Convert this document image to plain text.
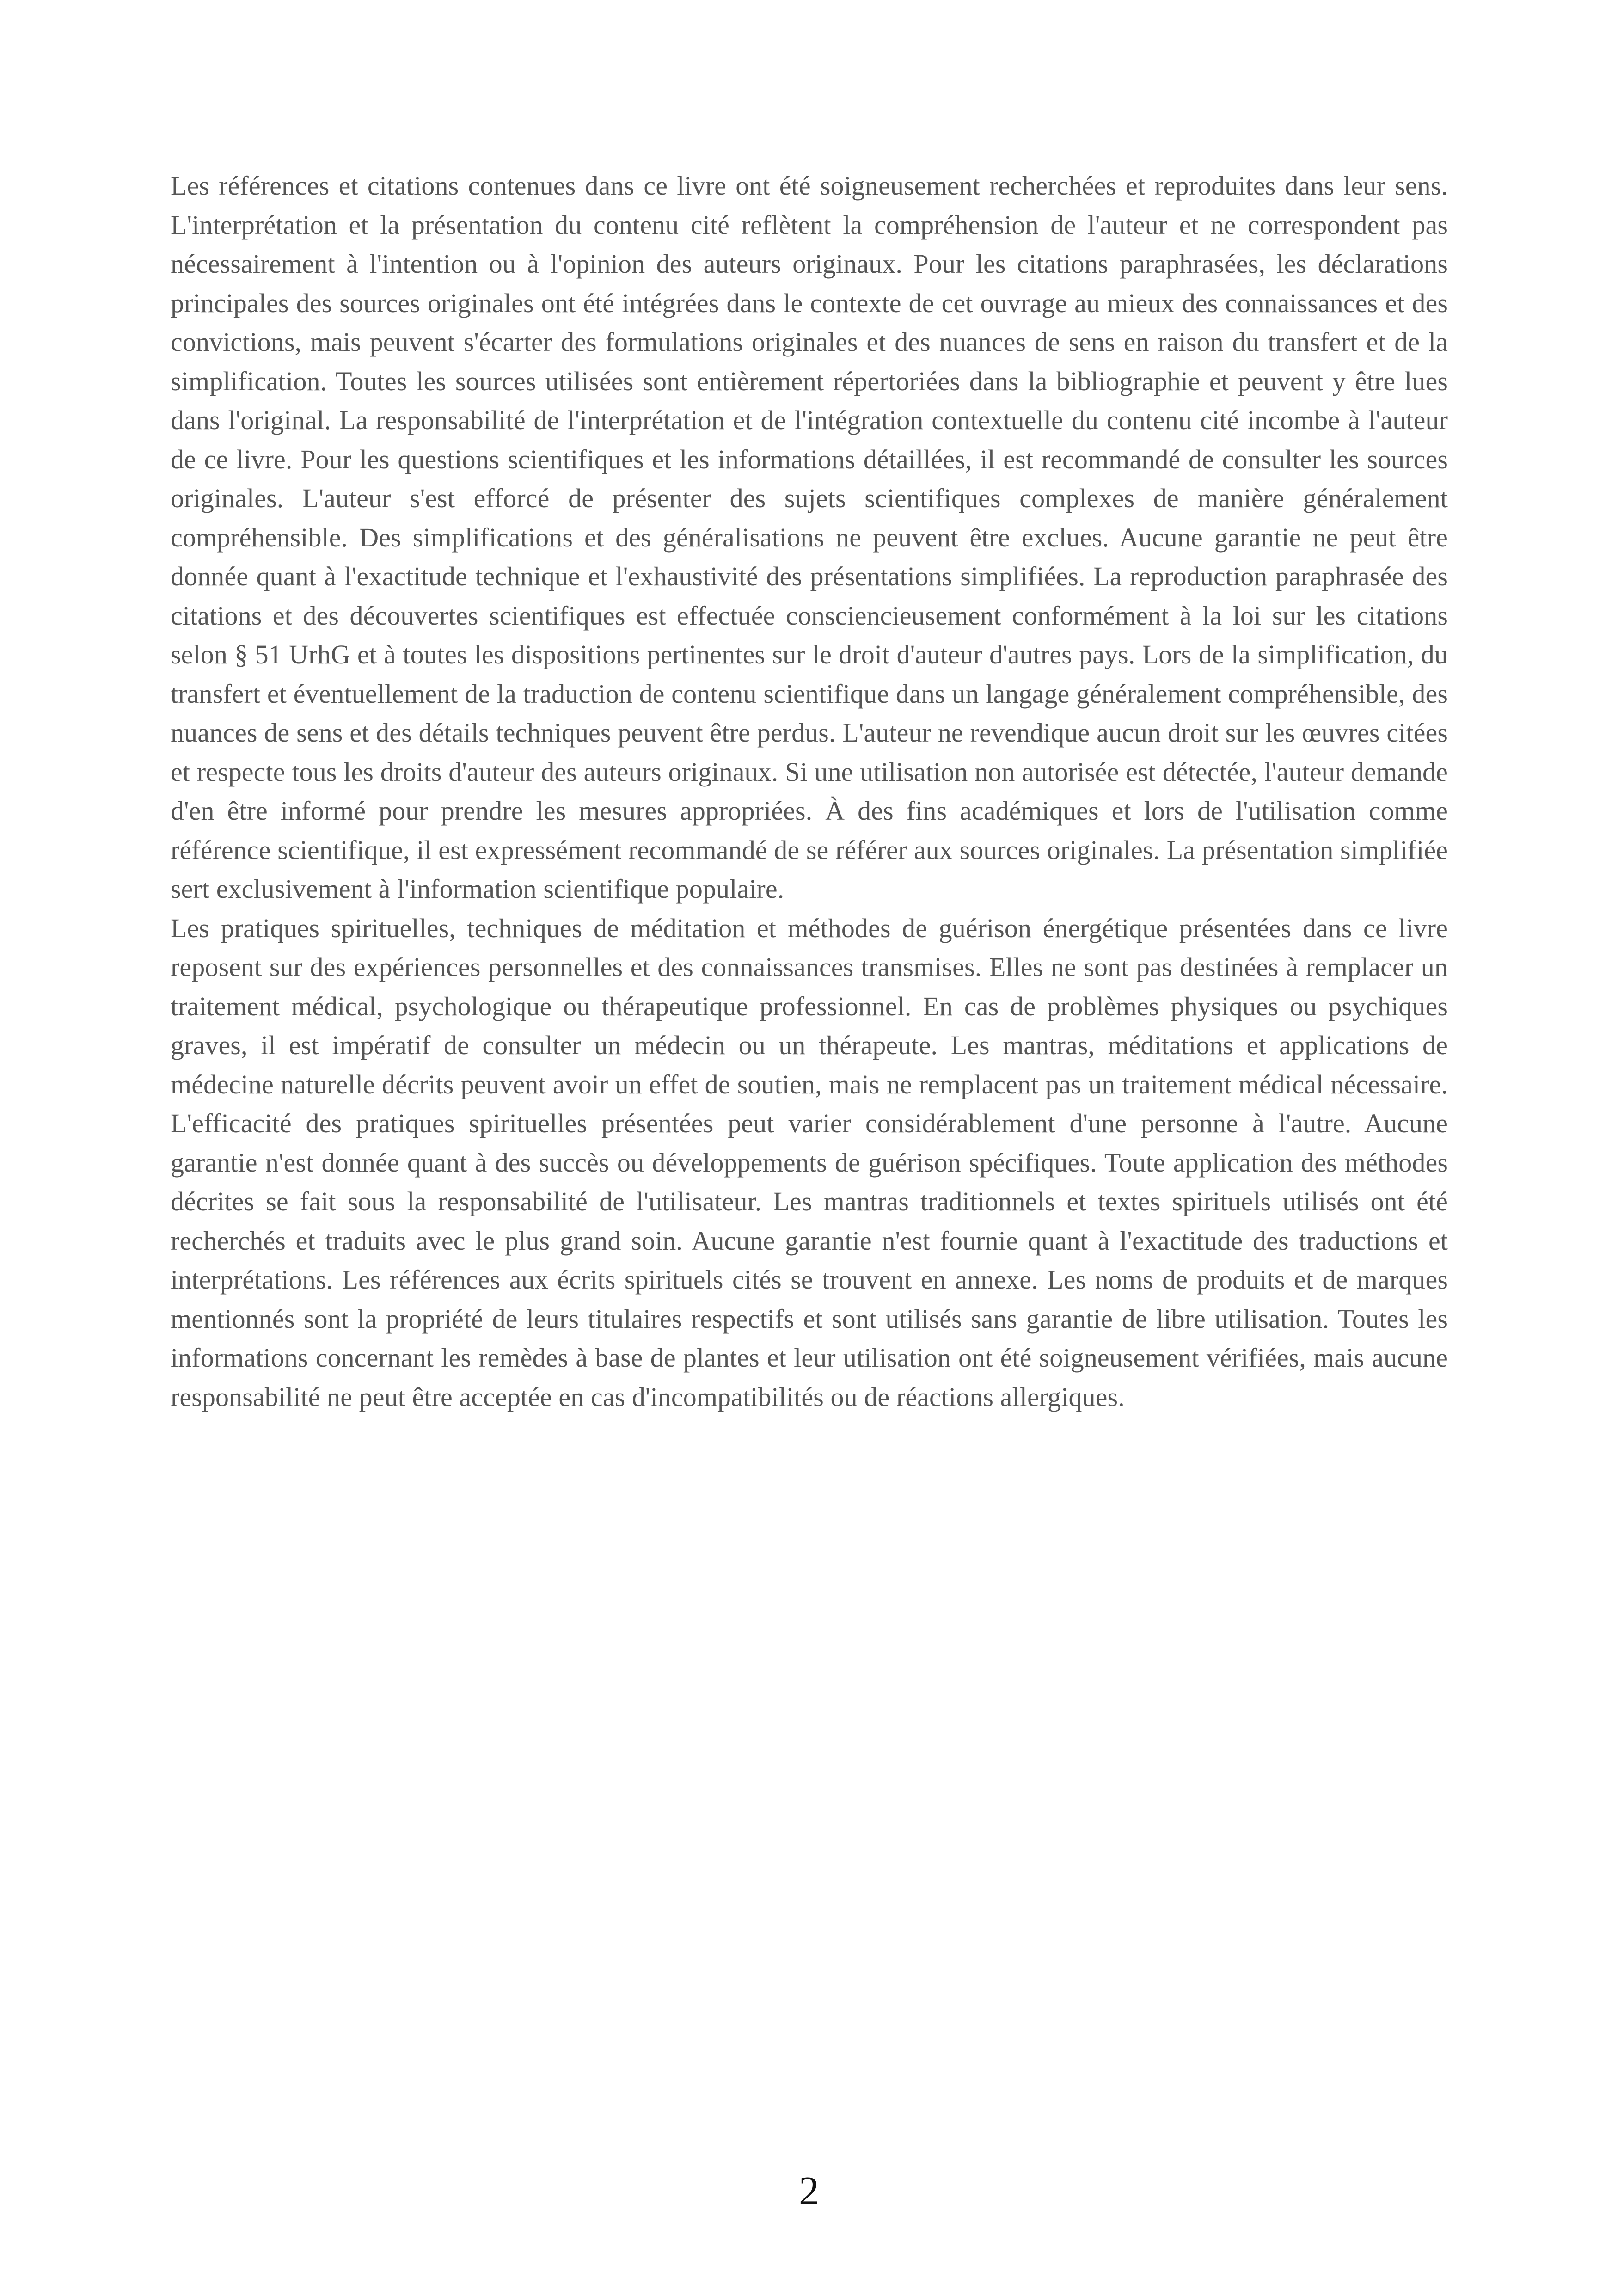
Les références et citations contenues dans ce livre ont été soigneusement recherchées et reproduites dans leur sens. L'interprétation et la présentation du contenu cité reflètent la compréhension de l'auteur et ne correspondent pas nécessairement à l'intention ou à l'opinion des auteurs originaux. Pour les citations paraphrasées, les déclarations principales des sources originales ont été intégrées dans le contexte de cet ouvrage au mieux des connaissances et des convictions, mais peuvent s'écarter des formulations originales et des nuances de sens en raison du transfert et de la simplification. Toutes les sources utilisées sont entièrement répertoriées dans la bibliographie et peuvent y être lues dans l'original. La responsabilité de l'interprétation et de l'intégration contextuelle du contenu cité incombe à l'auteur de ce livre. Pour les questions scientifiques et les informations détaillées, il est recommandé de consulter les sources originales. L'auteur s'est efforcé de présenter des sujets scientifiques complexes de manière généralement compréhensible. Des simplifications et des généralisations ne peuvent être exclues. Aucune garantie ne peut être donnée quant à l'exactitude technique et l'exhaustivité des présentations simplifiées. La reproduction paraphrasée des citations et des découvertes scientifiques est effectuée consciencieusement conformément à la loi sur les citations selon § 51 UrhG et à toutes les dispositions pertinentes sur le droit d'auteur d'autres pays. Lors de la simplification, du transfert et éventuellement de la traduction de contenu scientifique dans un langage généralement compréhensible, des nuances de sens et des détails techniques peuvent être perdus. L'auteur ne revendique aucun droit sur les œuvres citées et respecte tous les droits d'auteur des auteurs originaux. Si une utilisation non autorisée est détectée, l'auteur demande d'en être informé pour prendre les mesures appropriées. À des fins académiques et lors de l'utilisation comme référence scientifique, il est expressément recommandé de se référer aux sources originales. La présentation simplifiée sert exclusivement à l'information scientifique populaire.

Les pratiques spirituelles, techniques de méditation et méthodes de guérison énergétique présentées dans ce livre reposent sur des expériences personnelles et des connaissances transmises. Elles ne sont pas destinées à remplacer un traitement médical, psychologique ou thérapeutique professionnel. En cas de problèmes physiques ou psychiques graves, il est impératif de consulter un médecin ou un thérapeute. Les mantras, méditations et applications de médecine naturelle décrits peuvent avoir un effet de soutien, mais ne remplacent pas un traitement médical nécessaire. L'efficacité des pratiques spirituelles présentées peut varier considérablement d'une personne à l'autre. Aucune garantie n'est donnée quant à des succès ou développements de guérison spécifiques. Toute application des méthodes décrites se fait sous la responsabilité de l'utilisateur. Les mantras traditionnels et textes spirituels utilisés ont été recherchés et traduits avec le plus grand soin. Aucune garantie n'est fournie quant à l'exactitude des traductions et interprétations. Les références aux écrits spirituels cités se trouvent en annexe. Les noms de produits et de marques mentionnés sont la propriété de leurs titulaires respectifs et sont utilisés sans garantie de libre utilisation. Toutes les informations concernant les remèdes à base de plantes et leur utilisation ont été soigneusement vérifiées, mais aucune responsabilité ne peut être acceptée en cas d'incompatibilités ou de réactions allergiques.

2
